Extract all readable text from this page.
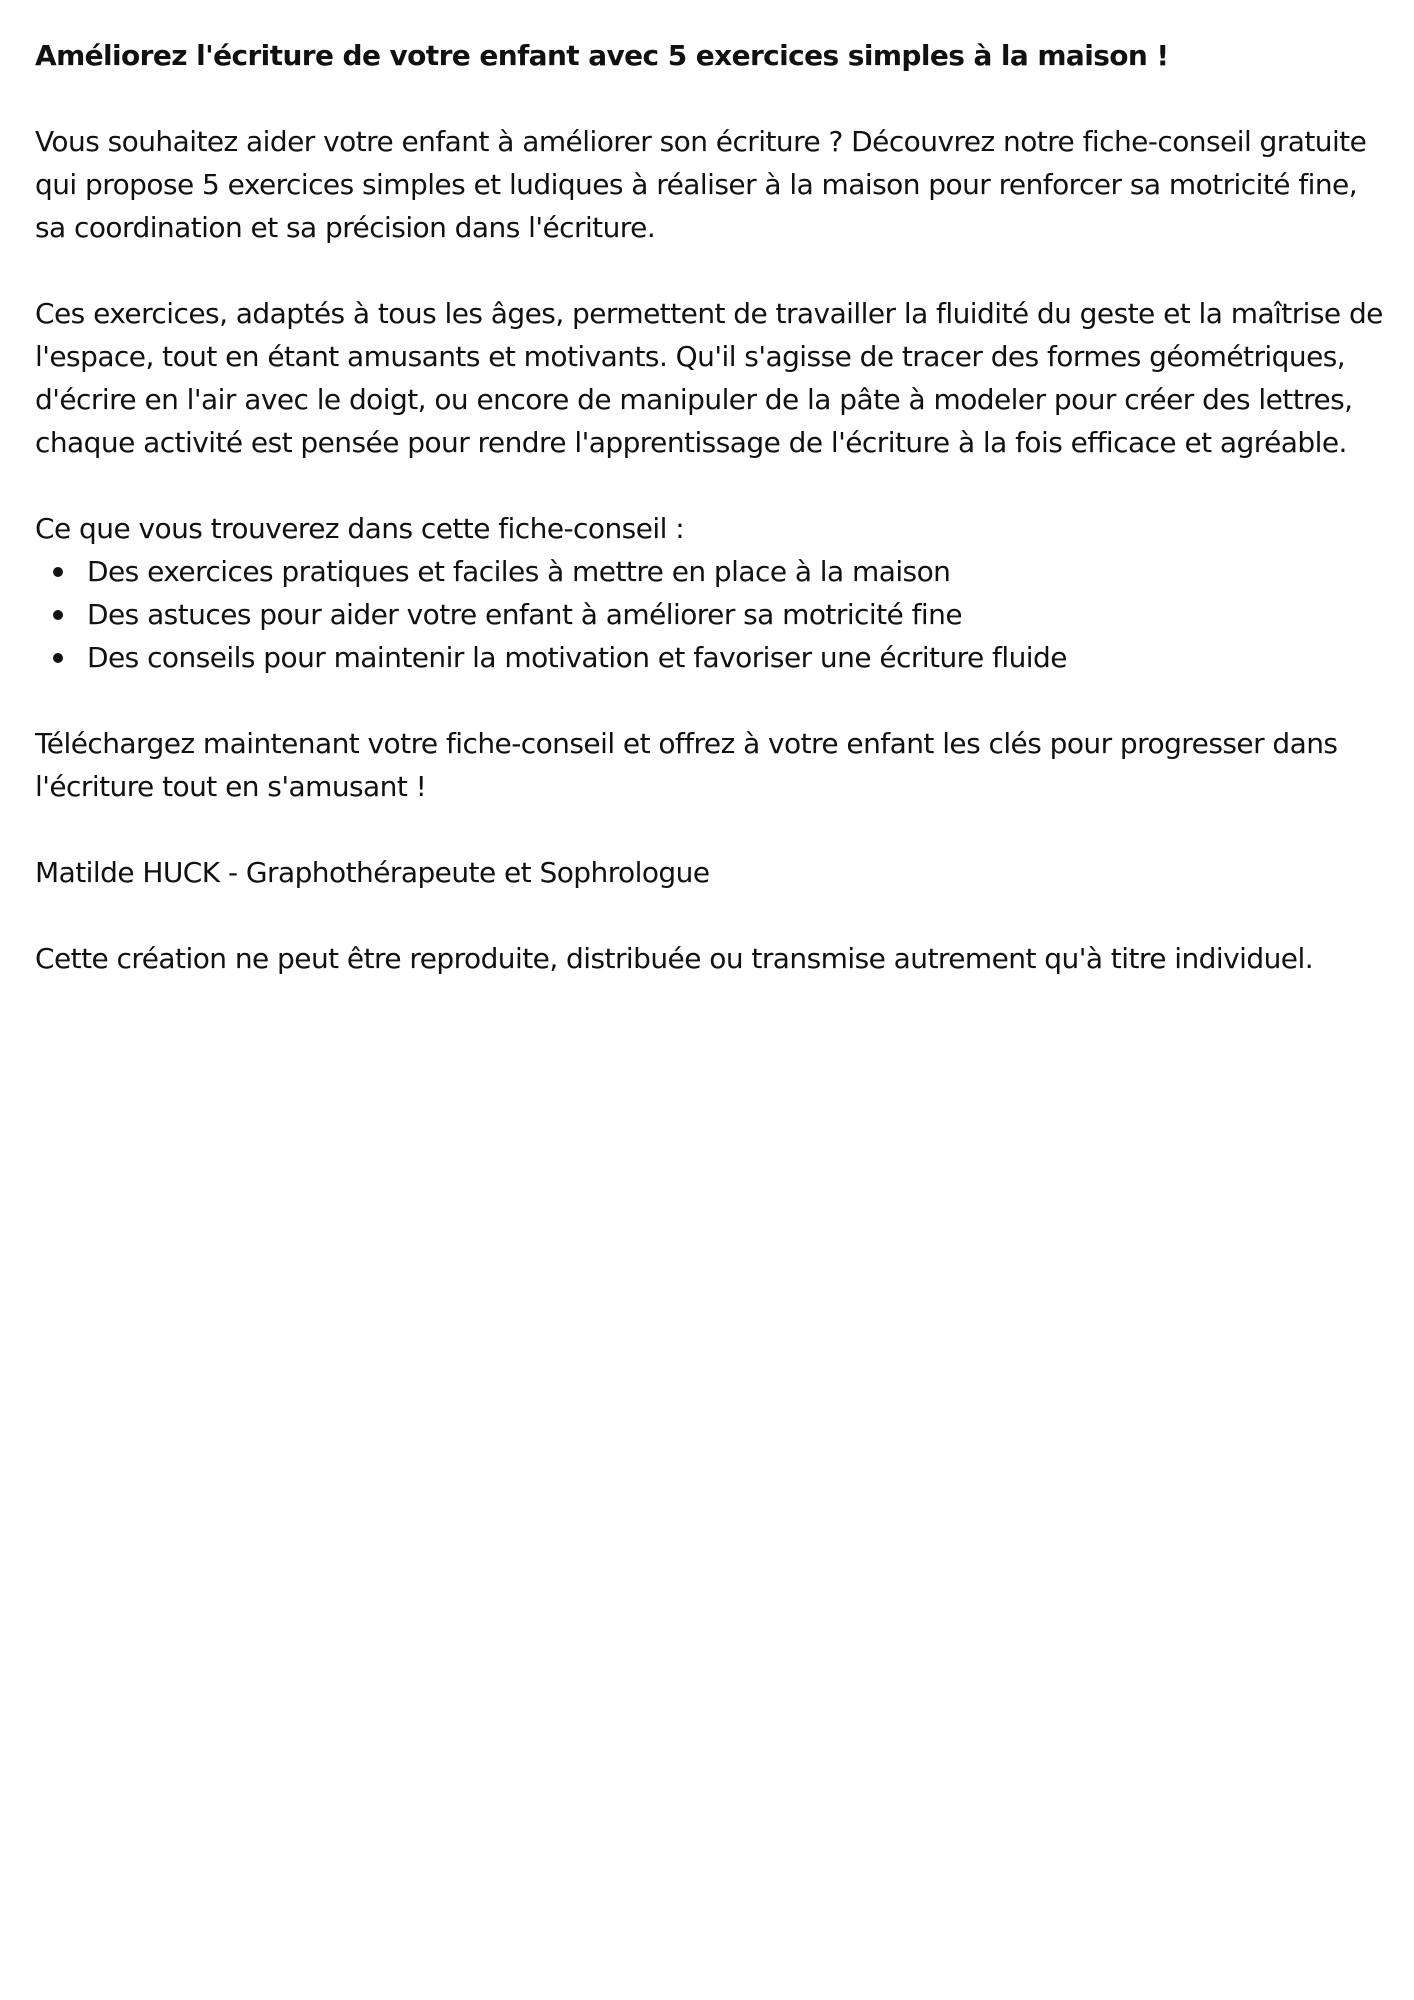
Améliorez l'écriture de votre enfant avec 5 exercices simples à la maison !

Vous souhaitez aider votre enfant à améliorer son écriture ? Découvrez notre fiche-conseil gratuite qui propose 5 exercices simples et ludiques à réaliser à la maison pour renforcer sa motricité fine, sa coordination et sa précision dans l'écriture.

Ces exercices, adaptés à tous les âges, permettent de travailler la fluidité du geste et la maîtrise de l'espace, tout en étant amusants et motivants. Qu'il s'agisse de tracer des formes géométriques, d'écrire en l'air avec le doigt, ou encore de manipuler de la pâte à modeler pour créer des lettres, chaque activité est pensée pour rendre l'apprentissage de l'écriture à la fois efficace et agréable.

Ce que vous trouverez dans cette fiche-conseil :

Des exercices pratiques et faciles à mettre en place à la maison
Des astuces pour aider votre enfant à améliorer sa motricité fine
Des conseils pour maintenir la motivation et favoriser une écriture fluide

Téléchargez maintenant votre fiche-conseil et offrez à votre enfant les clés pour progresser dans l'écriture tout en s'amusant !

Matilde HUCK - Graphothérapeute et Sophrologue

Cette création ne peut être reproduite, distribuée ou transmise autrement qu'à titre individuel.
